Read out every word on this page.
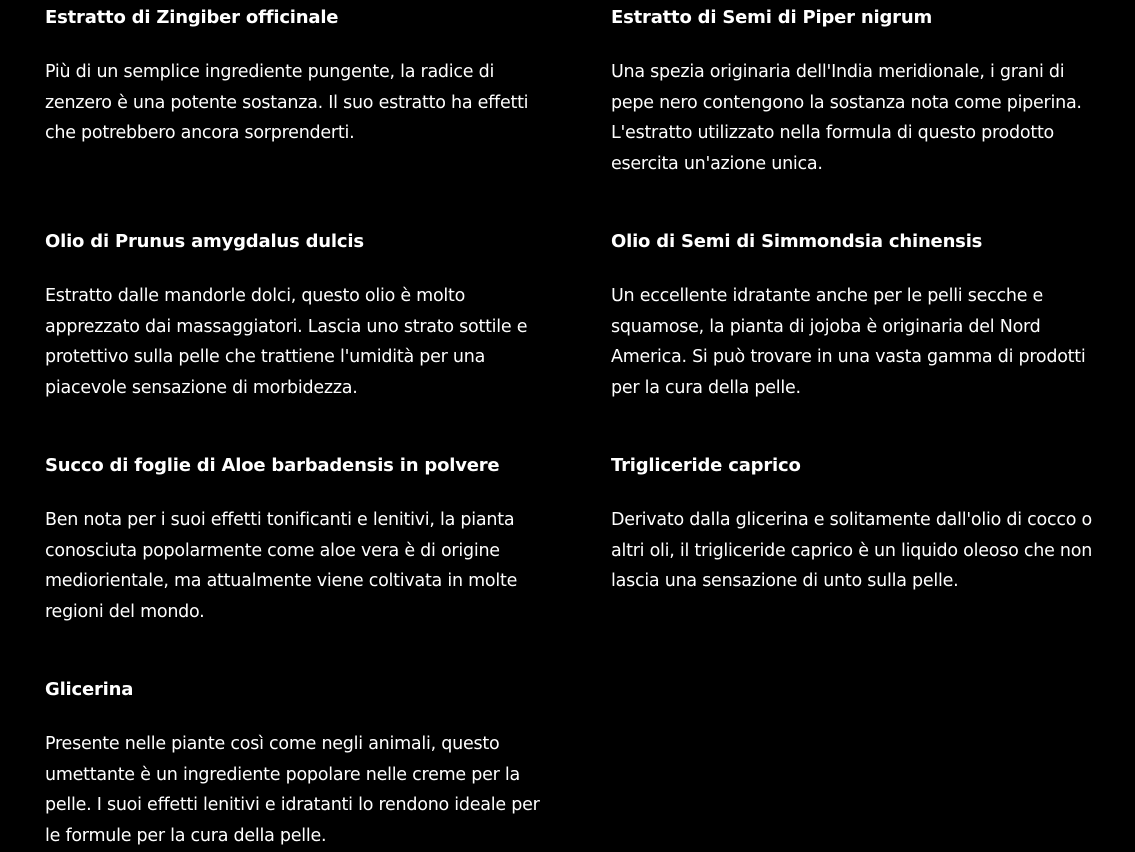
Estratto di Zingiber officinale

Più di un semplice ingrediente pungente, la radice di zenzero è una potente sostanza. Il suo estratto ha effetti che potrebbero ancora sorprenderti.

Estratto di Semi di Piper nigrum

Una spezia originaria dell'India meridionale, i grani di pepe nero contengono la sostanza nota come piperina. L'estratto utilizzato nella formula di questo prodotto esercita un'azione unica.

Olio di Prunus amygdalus dulcis

Estratto dalle mandorle dolci, questo olio è molto apprezzato dai massaggiatori. Lascia uno strato sottile e protettivo sulla pelle che trattiene l'umidità per una piacevole sensazione di morbidezza.

Olio di Semi di Simmondsia chinensis

Un eccellente idratante anche per le pelli secche e squamose, la pianta di jojoba è originaria del Nord America. Si può trovare in una vasta gamma di prodotti per la cura della pelle.

Succo di foglie di Aloe barbadensis in polvere

Ben nota per i suoi effetti tonificanti e lenitivi, la pianta conosciuta popolarmente come aloe vera è di origine mediorientale, ma attualmente viene coltivata in molte regioni del mondo.

Trigliceride caprico

Derivato dalla glicerina e solitamente dall'olio di cocco o altri oli, il trigliceride caprico è un liquido oleoso che non lascia una sensazione di unto sulla pelle.

Glicerina

Presente nelle piante così come negli animali, questo umettante è un ingrediente popolare nelle creme per la pelle. I suoi effetti lenitivi e idratanti lo rendono ideale per le formule per la cura della pelle.
